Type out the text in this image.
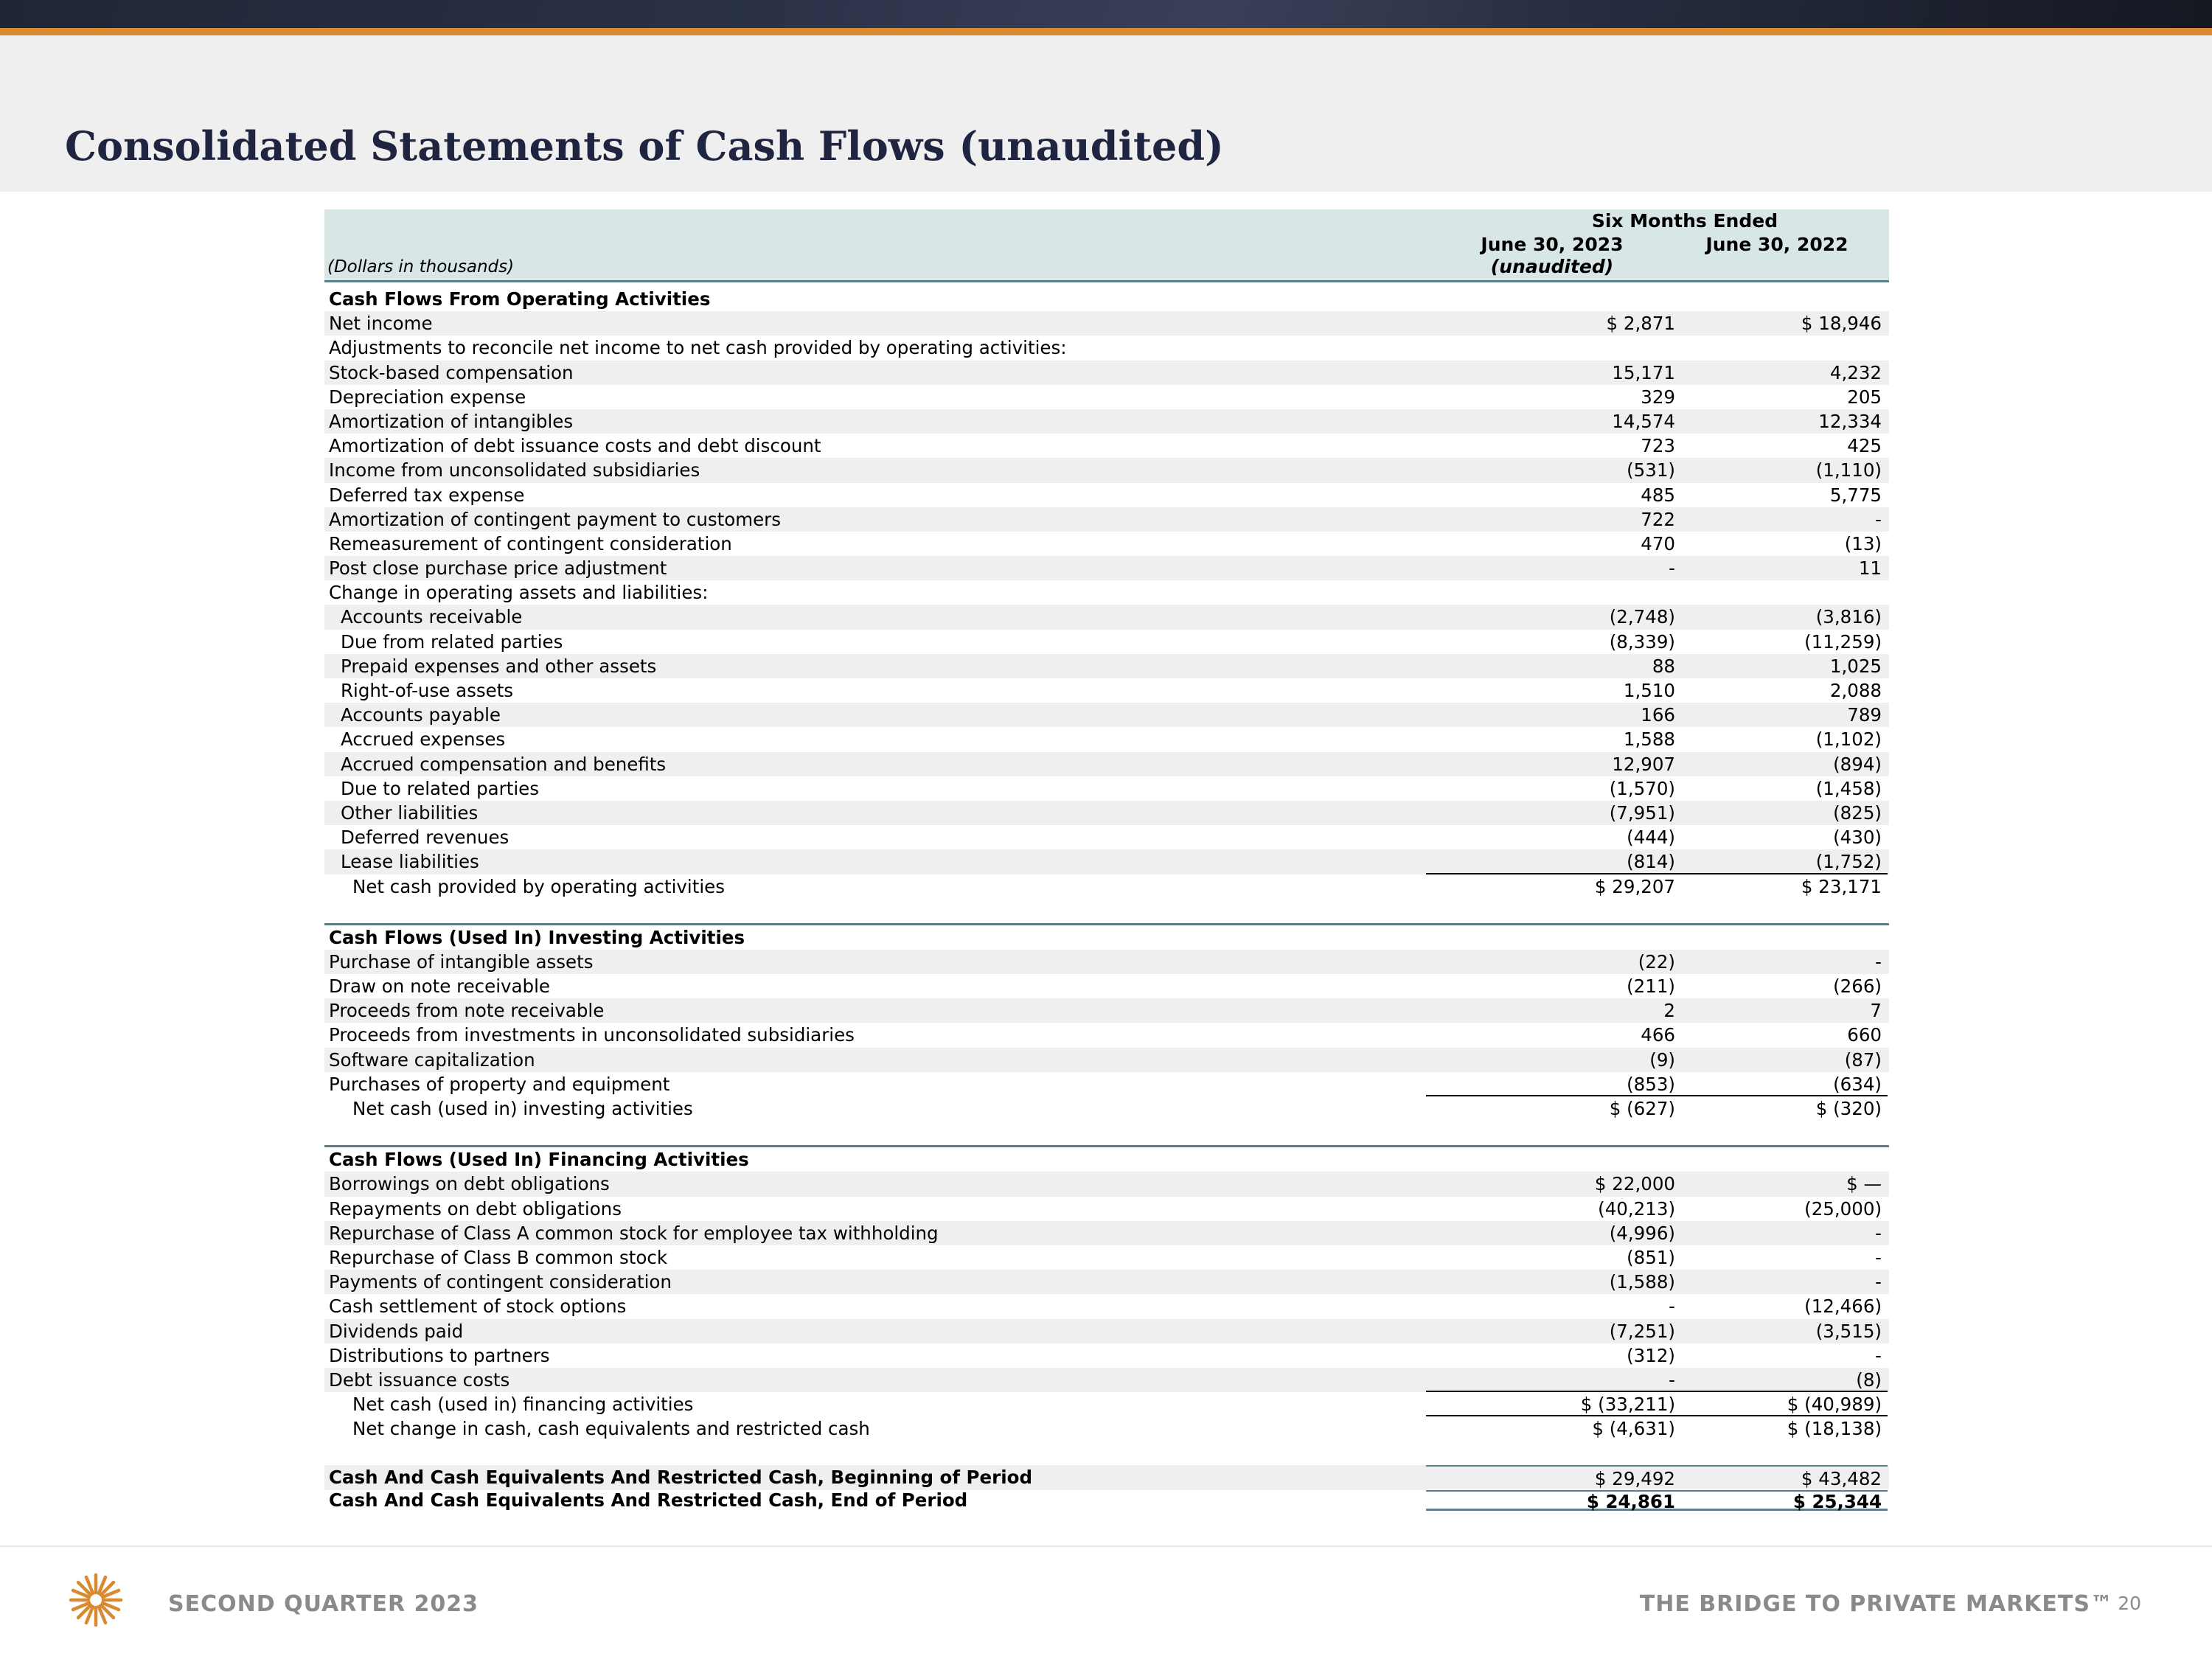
Consolidated Statements of Cash Flows (unaudited)
Six Months Ended
June 30, 2023	June 30, 2022
(unaudited)
(Dollars in thousands)
Cash Flows From Operating Activities
Net income	$ 2,871	$ 18,946
Adjustments to reconcile net income to net cash provided by operating activities:
Stock-based compensation	15,171	4,232
Depreciation expense	329	205
Amortization of intangibles	14,574	12,334
Amortization of debt issuance costs and debt discount	723	425
Income from unconsolidated subsidiaries	(531)	(1,110)
Deferred tax expense	485	5,775
Amortization of contingent payment to customers	722	-
Remeasurement of contingent consideration	470	(13)
Post close purchase price adjustment	-	11
Change in operating assets and liabilities:
Accounts receivable	(2,748)	(3,816)
Due from related parties	(8,339)	(11,259)
Prepaid expenses and other assets	88	1,025
Right-of-use assets	1,510	2,088
Accounts payable	166	789
Accrued expenses	1,588	(1,102)
Accrued compensation and benefits	12,907	(894)
Due to related parties	(1,570)	(1,458)
Other liabilities	(7,951)	(825)
Deferred revenues	(444)	(430)
Lease liabilities	(814)	(1,752)
Net cash provided by operating activities	$ 29,207	$ 23,171
Cash Flows (Used In) Investing Activities
Purchase of intangible assets	(22)	-
Draw on note receivable	(211)	(266)
Proceeds from note receivable	2	7
Proceeds from investments in unconsolidated subsidiaries	466	660
Software capitalization	(9)	(87)
Purchases of property and equipment	(853)	(634)
Net cash (used in) investing activities	$ (627)	$ (320)
Cash Flows (Used In) Financing Activities
Borrowings on debt obligations	$ 22,000	$ —
Repayments on debt obligations	(40,213)	(25,000)
Repurchase of Class A common stock for employee tax withholding	(4,996)	-
Repurchase of Class B common stock	(851)	-
Payments of contingent consideration	(1,588)	-
Cash settlement of stock options	-	(12,466)
Dividends paid	(7,251)	(3,515)
Distributions to partners	(312)	-
Debt issuance costs	-	(8)
Net cash (used in) financing activities	$ (33,211)	$ (40,989)
Net change in cash, cash equivalents and restricted cash	$ (4,631)	$ (18,138)
Cash And Cash Equivalents And Restricted Cash, Beginning of Period	$ 29,492	$ 43,482
Cash And Cash Equivalents And Restricted Cash, End of Period	$ 24,861	$ 25,344
SECOND QUARTER 2023	THE BRIDGE TO PRIVATE MARKETS™ 20
